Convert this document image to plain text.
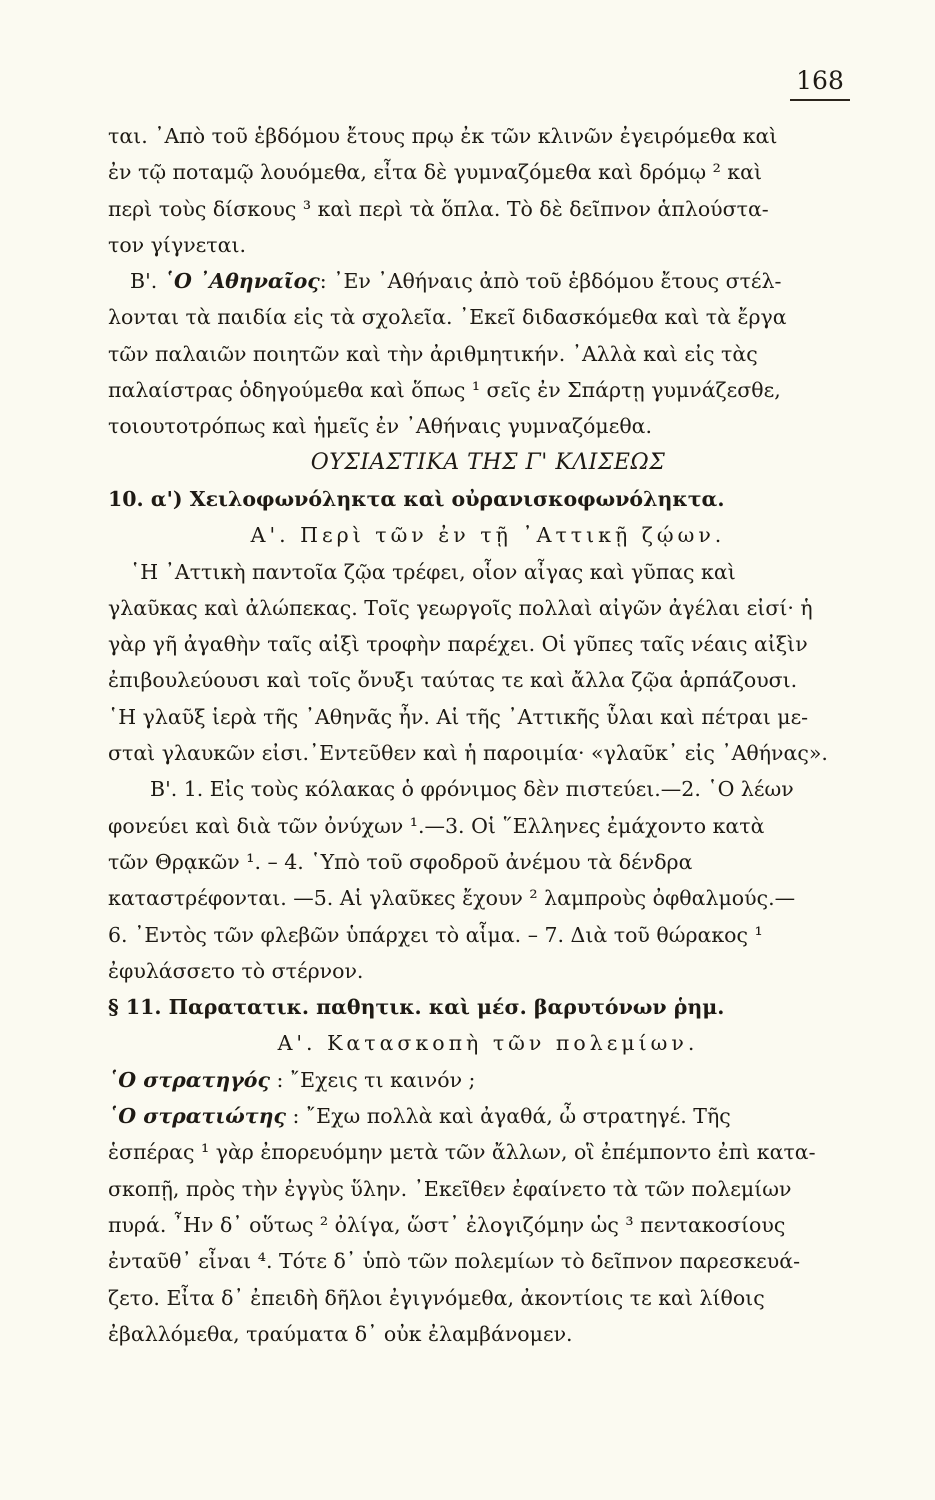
168

ται. ᾽Απὸ τοῦ ἑβδόμου ἔτους πρῳ ἐκ τῶν κλινῶν ἐγειρόμεθα καὶ

ἐν τῷ ποταμῷ λουόμεθα, εἶτα δὲ γυμναζόμεθα καὶ δρόμῳ ² καὶ

περὶ τοὺς δίσκους ³ καὶ περὶ τὰ ὅπλα. Τὸ δὲ δεῖπνον ἁπλούστα-

τον γίγνεται.

Β'. ῾Ο ᾽Αθηναῖος: ᾽Εν ᾽Αθήναις ἀπὸ τοῦ ἑβδόμου ἔτους στέλ-

λονται τὰ παιδία εἰς τὰ σχολεῖα. ᾽Εκεῖ διδασκόμεθα καὶ τὰ ἔργα

τῶν παλαιῶν ποιητῶν καὶ τὴν ἀριθμητικήν. ᾽Αλλὰ καὶ εἰς τὰς

παλαίστρας ὁδηγούμεθα καὶ ὅπως ¹ σεῖς ἐν Σπάρτῃ γυμνάζεσθε,

τοιουτοτρόπως καὶ ἡμεῖς ἐν ᾽Αθήναις γυμναζόμεθα.

ΟΥΣΙΑΣΤΙΚΑ ΤΗΣ Γ' ΚΛΙΣΕΩΣ

10. α') Χειλοφωνόληκτα καὶ οὐρανισκοφωνόληκτα.

Α'. Περὶ τῶν ἐν τῇ ᾽Αττικῇ ζῴων.

῾Η ᾽Αττικὴ παντοῖα ζῷα τρέφει, οἷον αἶγας καὶ γῦπας καὶ

γλαῦκας καὶ ἀλώπεκας. Τοῖς γεωργοῖς πολλαὶ αἰγῶν ἀγέλαι εἰσί· ἡ

γὰρ γῆ ἀγαθὴν ταῖς αἰξὶ τροφὴν παρέχει. Οἱ γῦπες ταῖς νέαις αἰξὶν

ἐπιβουλεύουσι καὶ τοῖς ὄνυξι ταύτας τε καὶ ἄλλα ζῷα ἁρπάζουσι.

῾Η γλαῦξ ἱερὰ τῆς ᾽Αθηνᾶς ἦν. Αἱ τῆς ᾽Αττικῆς ὗλαι καὶ πέτραι με-

σταὶ γλαυκῶν εἰσι.᾽Εντεῦθεν καὶ ἡ παροιμία· «γλαῦκ᾽ εἰς ᾽Αθήνας».

Β'. 1. Εἰς τοὺς κόλακας ὁ φρόνιμος δὲν πιστεύει.—2. ῾Ο λέων

φονεύει καὶ διὰ τῶν ὀνύχων ¹.—3. Οἱ ῞Ελληνες ἐμάχοντο κατὰ

τῶν Θρᾳκῶν ¹. – 4. ῾Υπὸ τοῦ σφοδροῦ ἀνέμου τὰ δένδρα

καταστρέφονται. —5. Αἱ γλαῦκες ἔχουν ² λαμπροὺς ὀφθαλμούς.—

6. ᾽Εντὸς τῶν φλεβῶν ὑπάρχει τὸ αἷμα. – 7. Διὰ τοῦ θώρακος ¹

ἐφυλάσσετο τὸ στέρνον.

§ 11. Παρατατικ. παθητικ. καὶ μέσ. βαρυτόνων ῥημ.

Α'. Κατασκοπὴ τῶν πολεμίων.

῾Ο στρατηγός : ῎Εχεις τι καινόν ;

῾Ο στρατιώτης : ῎Εχω πολλὰ καὶ ἀγαθά, ὦ στρατηγέ. Τῆς

ἑσπέρας ¹ γὰρ ἐπορευόμην μετὰ τῶν ἄλλων, οἳ ἐπέμποντο ἐπὶ κατα-

σκοπῇ, πρὸς τὴν ἐγγὺς ὕλην. ᾽Εκεῖθεν ἐφαίνετο τὰ τῶν πολεμίων

πυρά. ῏Ην δ᾽ οὕτως ² ὀλίγα, ὥστ᾽ ἐλογιζόμην ὡς ³ πεντακοσίους

ἐνταῦθ᾽ εἶναι ⁴. Τότε δ᾽ ὑπὸ τῶν πολεμίων τὸ δεῖπνον παρεσκευά-

ζετο. Εἶτα δ᾽ ἐπειδὴ δῆλοι ἐγιγνόμεθα, ἀκοντίοις τε καὶ λίθοις

ἐβαλλόμεθα, τραύματα δ᾽ οὐκ ἐλαμβάνομεν.
